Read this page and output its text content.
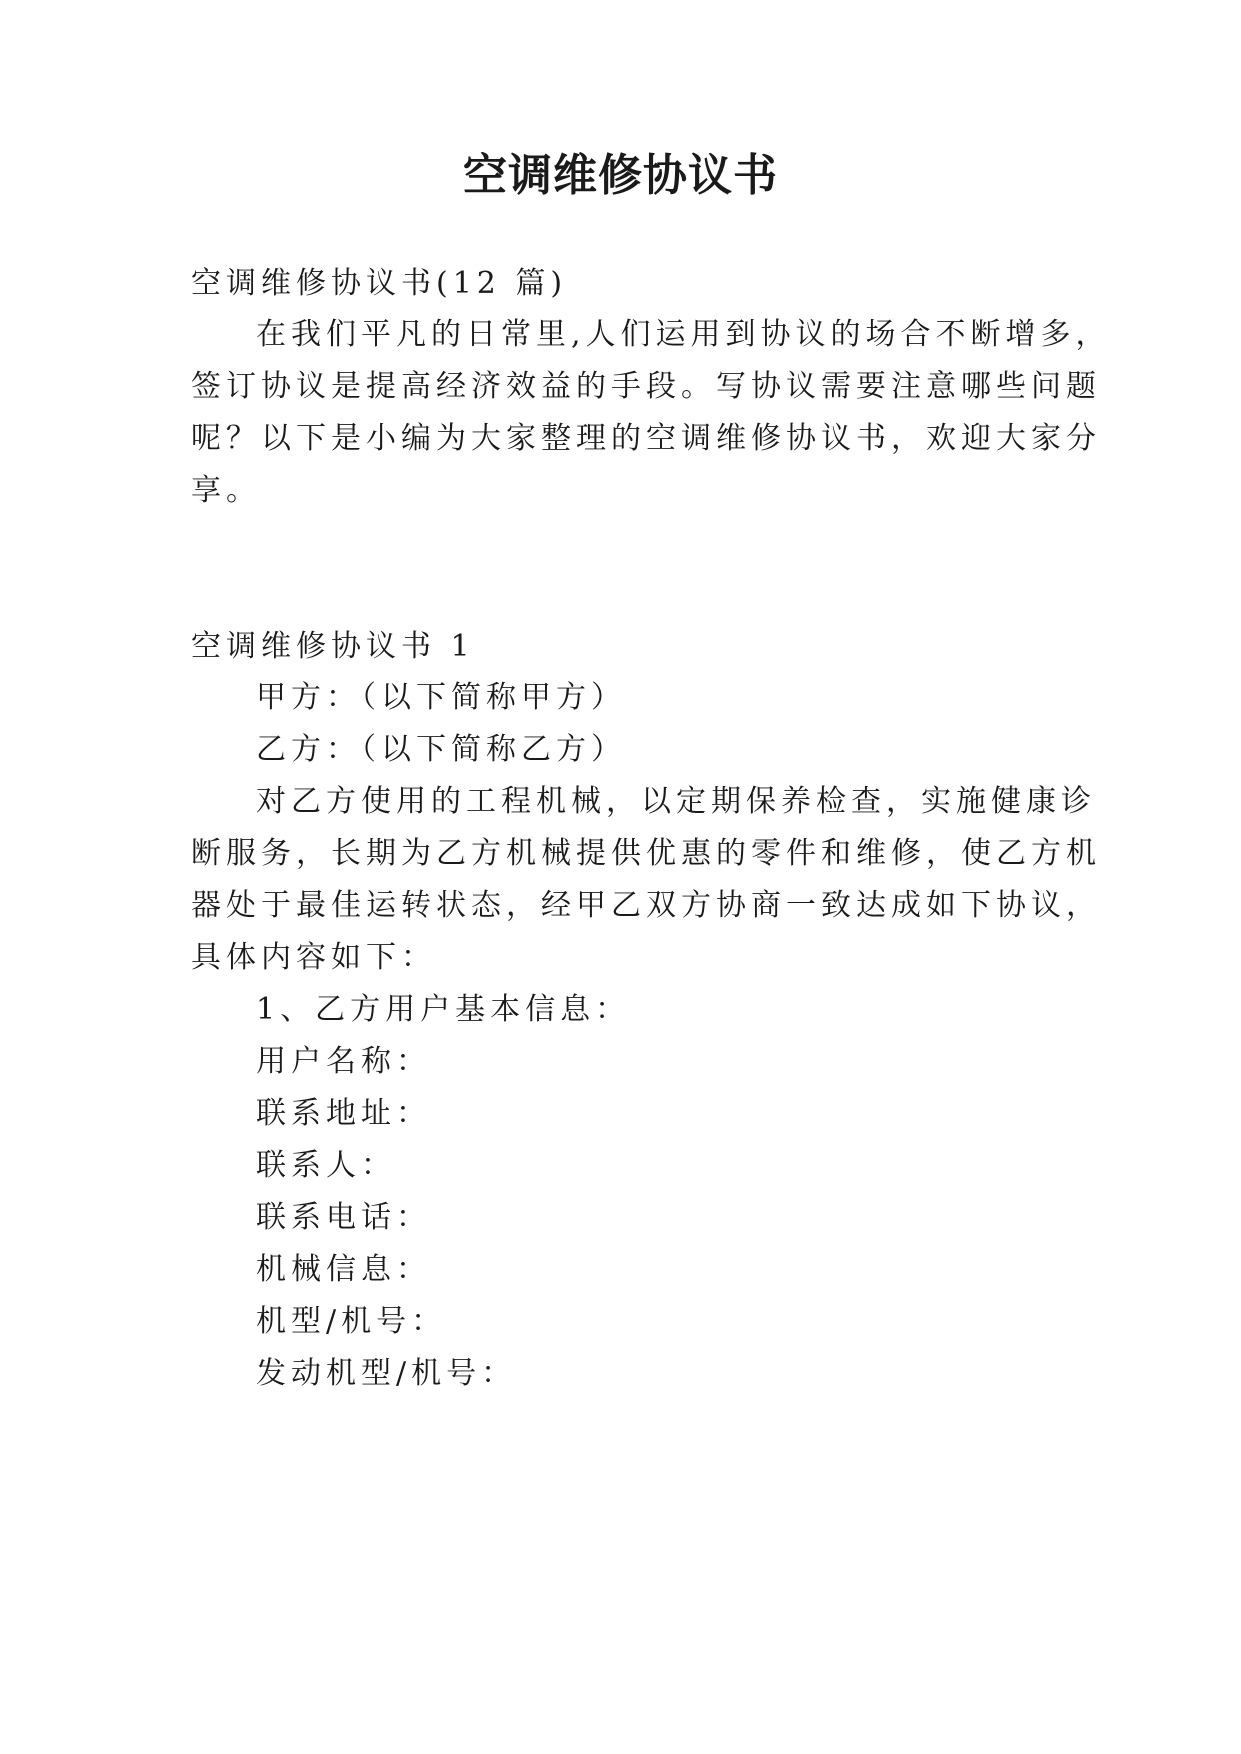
空调维修协议书
空调维修协议书(12 篇)
在我们平凡的日常里,人们运用到协议的场合不断增多，
签订协议是提高经济效益的手段。写协议需要注意哪些问题
呢？以下是小编为大家整理的空调维修协议书，欢迎大家分
享。
空调维修协议书 1
甲方：（以下简称甲方）
乙方：（以下简称乙方）
对乙方使用的工程机械，以定期保养检查，实施健康诊
断服务，长期为乙方机械提供优惠的零件和维修，使乙方机
器处于最佳运转状态，经甲乙双方协商一致达成如下协议，
具体内容如下：
1、乙方用户基本信息：
用户名称：
联系地址：
联系人：
联系电话：
机械信息：
机型/机号：
发动机型/机号：
